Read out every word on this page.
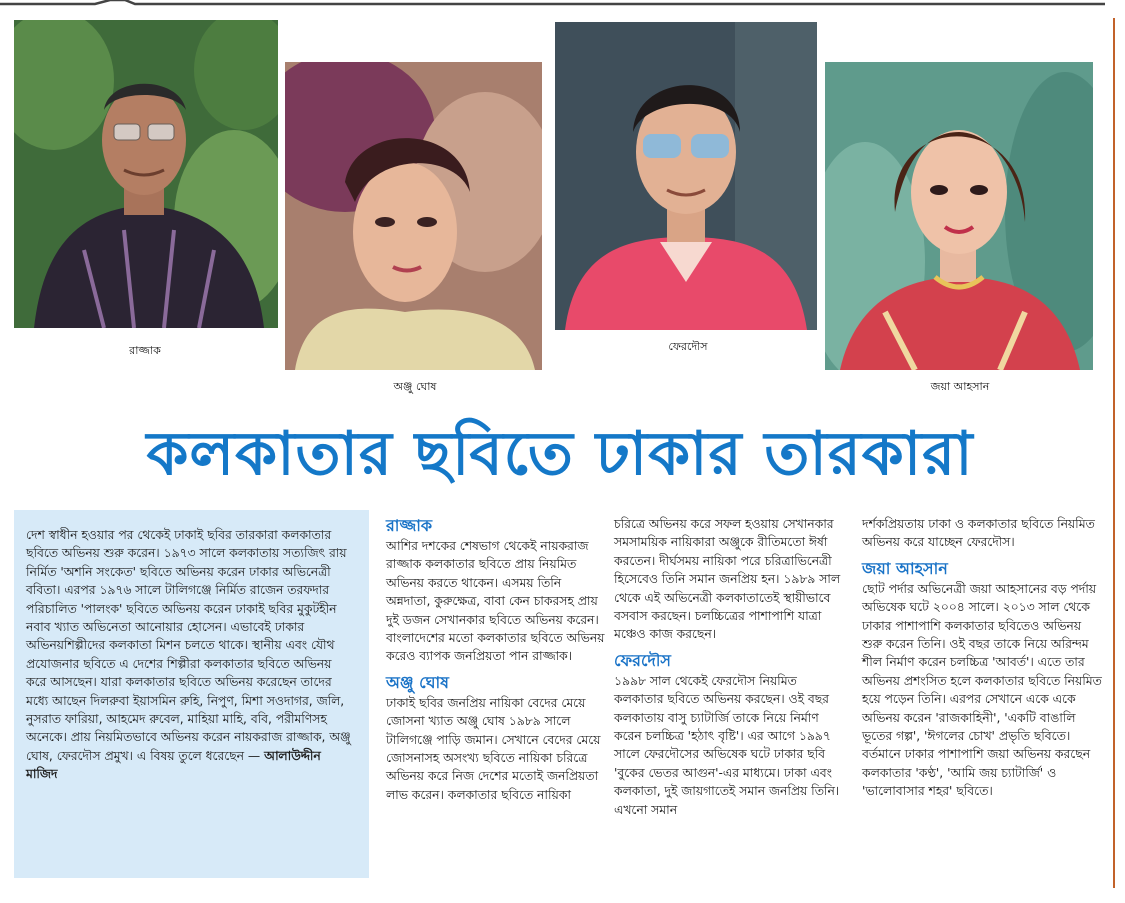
রাজ্জাক
অঞ্জু ঘোষ
ফেরদৌস
জয়া আহসান
কলকাতার ছবিতে ঢাকার তারকারা

দেশ স্বাধীন হওয়ার পর থেকেই ঢাকাই ছবির তারকারা কলকাতার ছবিতে অভিনয় শুরু করেন। ১৯৭৩ সালে কলকাতায় সত্যজিৎ রায় নির্মিত 'অশনি সংকেত' ছবিতে অভিনয় করেন ঢাকার অভিনেত্রী ববিতা। এরপর ১৯৭৬ সালে টালিগঞ্জে নির্মিত রাজেন তরফদার পরিচালিত 'পালংক' ছবিতে অভিনয় করেন ঢাকাই ছবির মুকুটহীন নবাব খ্যাত অভিনেতা আনোয়ার হোসেন। এভাবেই ঢাকার অভিনয়শিল্পীদের কলকাতা মিশন চলতে থাকে। স্থানীয় এবং যৌথ প্রযোজনার ছবিতে এ দেশের শিল্পীরা কলকাতার ছবিতে অভিনয় করে আসছেন। যারা কলকাতার ছবিতে অভিনয় করেছেন তাদের মধ্যে আছেন দিলরুবা ইয়াসমিন রুহি, নিপুণ, মিশা সওদাগর, জলি, নুসরাত ফারিয়া, আহমেদ রুবেল, মাহিয়া মাহি, ববি, পরীমণিসহ অনেকে। প্রায় নিয়মিতভাবে অভিনয় করেন নায়করাজ রাজ্জাক, অঞ্জু ঘোষ, ফেরদৌস প্রমুখ। এ বিষয় তুলে ধরেছেন — আলাউদ্দীন মাজিদ

রাজ্জাক

আশির দশকের শেষভাগ থেকেই নায়করাজ রাজ্জাক কলকাতার ছবিতে প্রায় নিয়মিত অভিনয় করতে থাকেন। এসময় তিনি অন্নদাতা, কুরুক্ষেত্র, বাবা কেন চাকরসহ প্রায় দুই ডজন সেখানকার ছবিতে অভিনয় করেন। বাংলাদেশের মতো কলকাতার ছবিতে অভিনয় করেও ব্যাপক জনপ্রিয়তা পান রাজ্জাক।

অঞ্জু ঘোষ

ঢাকাই ছবির জনপ্রিয় নায়িকা বেদের মেয়ে জোসনা খ্যাত অঞ্জু ঘোষ ১৯৮৯ সালে টালিগঞ্জে পাড়ি জমান। সেখানে বেদের মেয়ে জোসনাসহ অসংখ্য ছবিতে নায়িকা চরিত্রে অভিনয় করে নিজ দেশের মতোই জনপ্রিয়তা লাভ করেন। কলকাতার ছবিতে নায়িকা

চরিত্রে অভিনয় করে সফল হওয়ায় সেখানকার সমসাময়িক নায়িকারা অঞ্জুকে রীতিমতো ঈর্ষা করতেন। দীর্ঘসময় নায়িকা পরে চরিত্রাভিনেত্রী হিসেবেও তিনি সমান জনপ্রিয় হন। ১৯৮৯ সাল থেকে এই অভিনেত্রী কলকাতাতেই স্থায়ীভাবে বসবাস করছেন। চলচ্চিত্রের পাশাপাশি যাত্রা মঞ্চেও কাজ করছেন।

ফেরদৌস

১৯৯৮ সাল থেকেই ফেরদৌস নিয়মিত কলকাতার ছবিতে অভিনয় করছেন। ওই বছর কলকাতায় বাসু চ্যাটার্জি তাকে নিয়ে নির্মাণ করেন চলচ্চিত্র 'হঠাৎ বৃষ্টি'। এর আগে ১৯৯৭ সালে ফেরদৌসের অভিষেক ঘটে ঢাকার ছবি 'বুকের ভেতর আগুন'-এর মাধ্যমে। ঢাকা এবং কলকাতা, দুই জায়গাতেই সমান জনপ্রিয় তিনি। এখনো সমান

দর্শকপ্রিয়তায় ঢাকা ও কলকাতার ছবিতে নিয়মিত অভিনয় করে যাচ্ছেন ফেরদৌস।

জয়া আহসান

ছোট পর্দার অভিনেত্রী জয়া আহসানের বড় পর্দায় অভিষেক ঘটে ২০০৪ সালে। ২০১৩ সাল থেকে ঢাকার পাশাপাশি কলকাতার ছবিতেও অভিনয় শুরু করেন তিনি। ওই বছর তাকে নিয়ে অরিন্দম শীল নির্মাণ করেন চলচ্চিত্র 'আবর্ত'। এতে তার অভিনয় প্রশংসিত হলে কলকাতার ছবিতে নিয়মিত হয়ে পড়েন তিনি। এরপর সেখানে একে একে অভিনয় করেন 'রাজকাহিনী', 'একটি বাঙালি ভূতের গল্প', 'ঈগলের চোখ' প্রভৃতি ছবিতে। বর্তমানে ঢাকার পাশাপাশি জয়া অভিনয় করছেন কলকাতার 'কণ্ঠ', 'আমি জয় চ্যাটার্জি' ও 'ভালোবাসার শহর' ছবিতে।
